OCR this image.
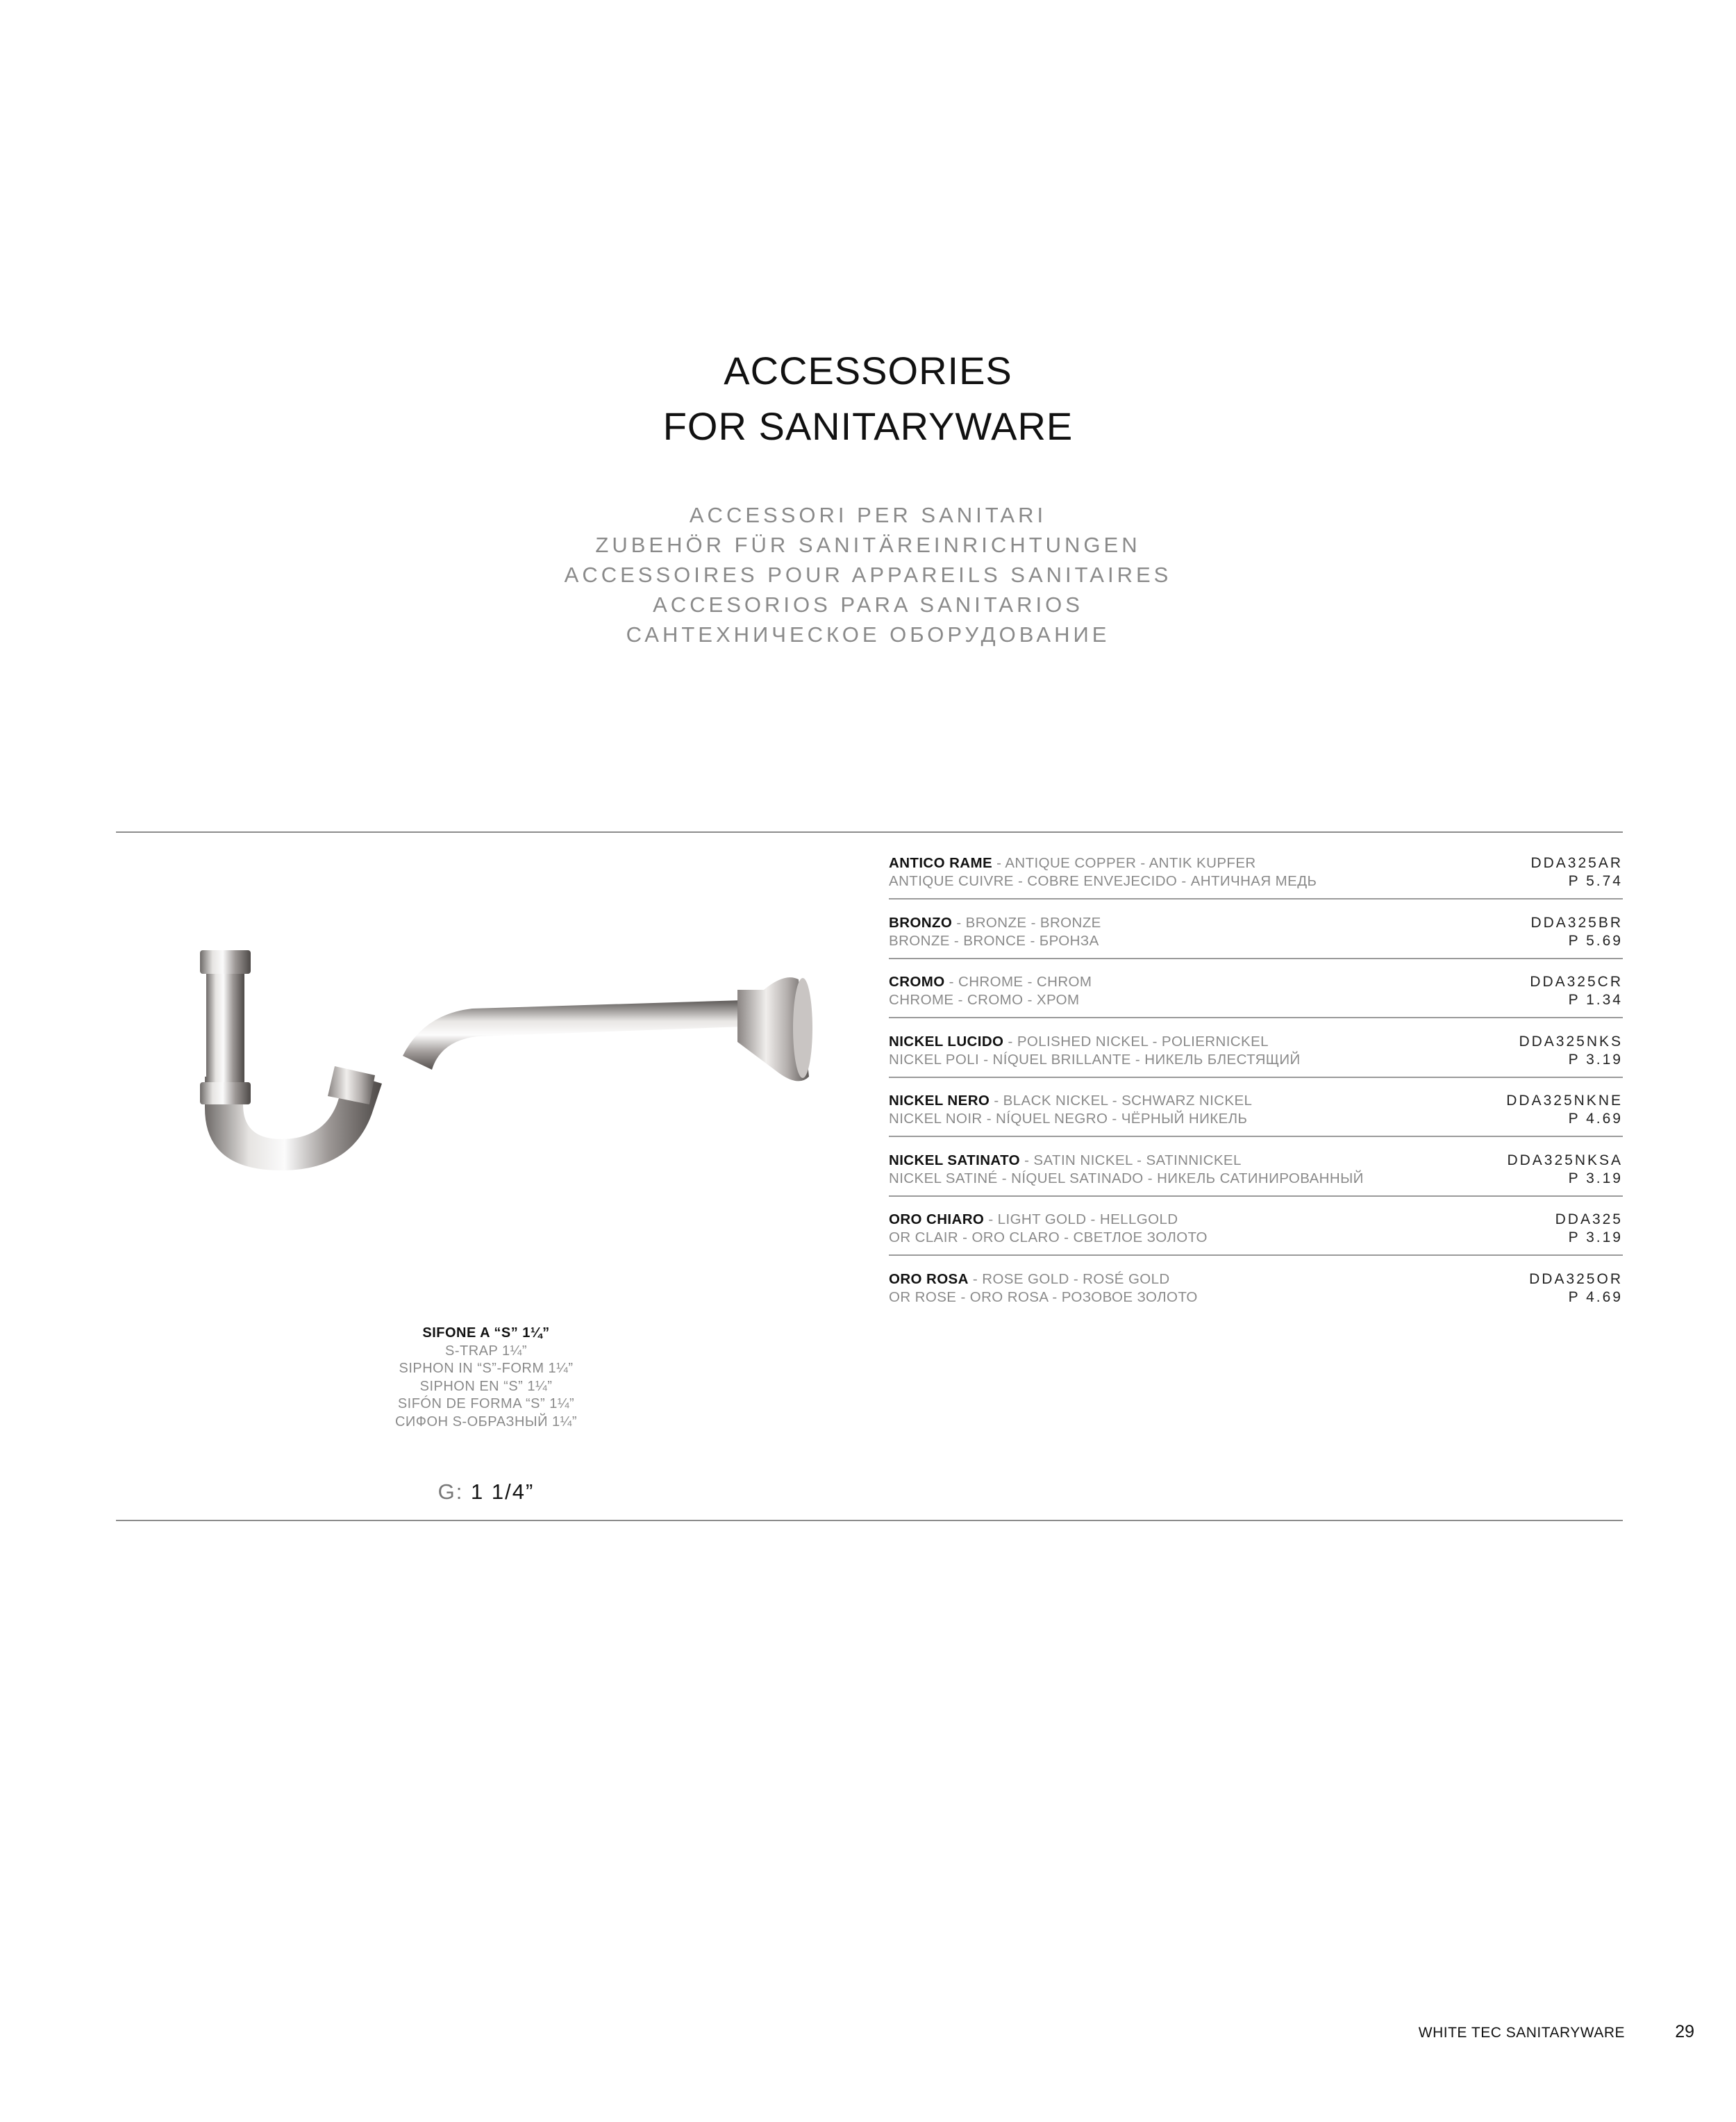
ACCESSORIES
FOR SANITARYWARE
ACCESSORI PER SANITARI
ZUBEHÖR FÜR SANITÄREINRICHTUNGEN
ACCESSOIRES POUR APPAREILS SANITAIRES
ACCESORIOS PARA SANITARIOS
САНТЕХНИЧЕСКОЕ ОБОРУДОВАНИЕ
SIFONE A “S” 1¼”
S-TRAP 1¼”
SIPHON IN “S”-FORM 1¼”
SIPHON EN “S” 1¼”
SIFÓN DE FORMA “S” 1¼”
СИФОН S-ОБРАЗНЫЙ 1¼”
G: 1 1/4”
ANTICO RAME - ANTIQUE COPPER - ANTIK KUPFER
ANTIQUE CUIVRE - COBRE ENVEJECIDO - АНТИЧНАЯ МЕДЬ
DDA325AR
P 5.74
BRONZO - BRONZE - BRONZE
BRONZE - BRONCE - БРОНЗА
DDA325BR
P 5.69
CROMO - CHROME - CHROM
CHROME - CROMO - ХРОМ
DDA325CR
P 1.34
NICKEL LUCIDO - POLISHED NICKEL - POLIERNICKEL
NICKEL POLI - NÍQUEL BRILLANTE - НИКЕЛЬ БЛЕСТЯЩИЙ
DDA325NKS
P 3.19
NICKEL NERO - BLACK NICKEL - SCHWARZ NICKEL
NICKEL NOIR - NÍQUEL NEGRO - ЧЁРНЫЙ НИКЕЛЬ
DDA325NKNE
P 4.69
NICKEL SATINATO - SATIN NICKEL - SATINNICKEL
NICKEL SATINÉ - NÍQUEL SATINADO - НИКЕЛЬ САТИНИРОВАННЫЙ
DDA325NKSA
P 3.19
ORO CHIARO - LIGHT GOLD - HELLGOLD
OR CLAIR - ORO CLARO - СВЕТЛОЕ ЗОЛОТО
DDA325
P 3.19
ORO ROSA - ROSE GOLD - ROSÉ GOLD
OR ROSE - ORO ROSA - РОЗОВОЕ ЗОЛОТО
DDA325OR
P 4.69
WHITE TEC SANITARYWARE	29
